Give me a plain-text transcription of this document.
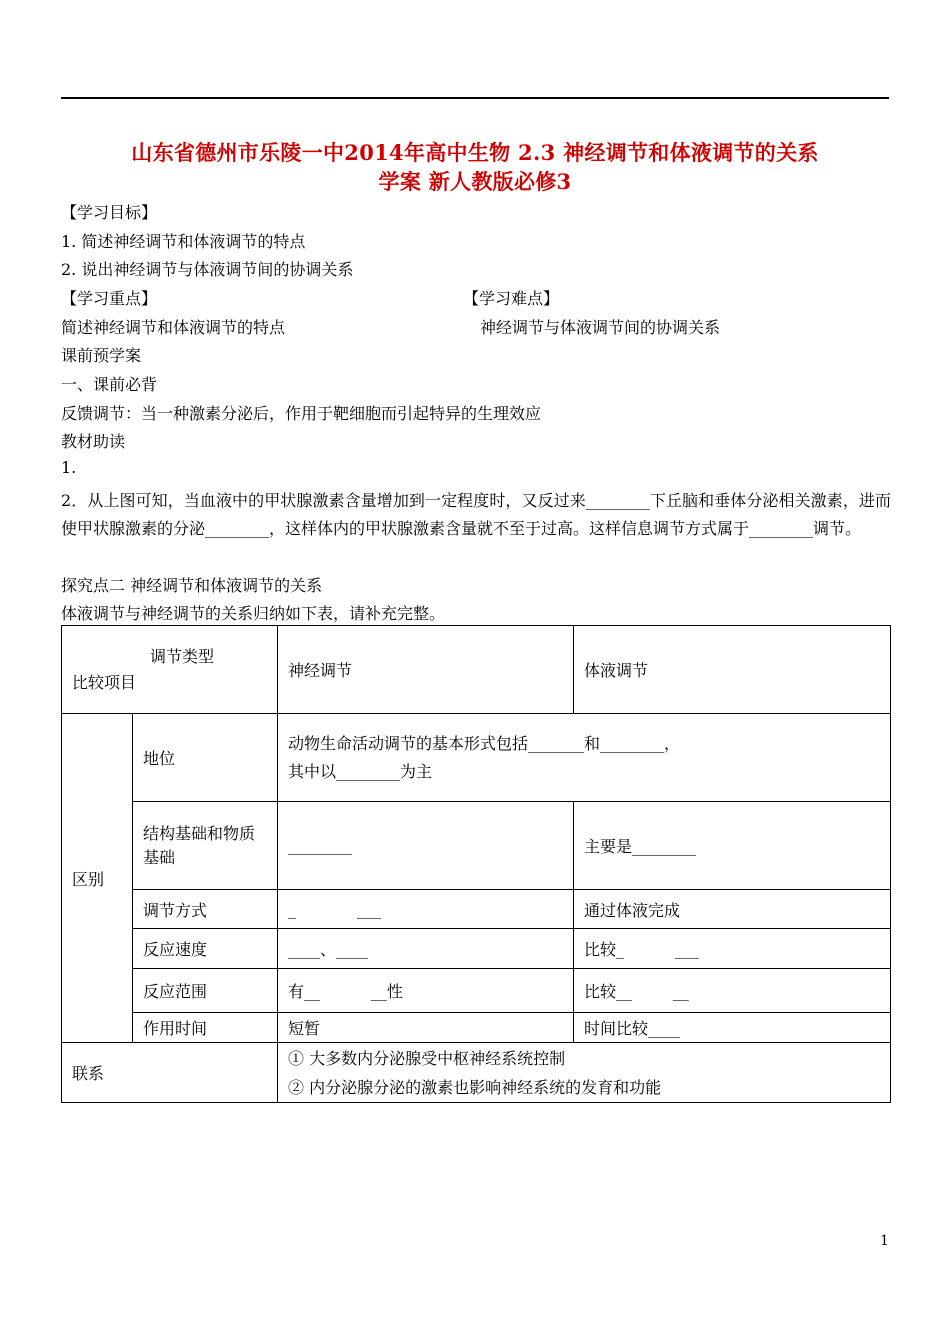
山东省德州市乐陵一中2014年高中生物 2.3 神经调节和体液调节的关系
学案 新人教版必修3
【学习目标】
1. 简述神经调节和体液调节的特点
2. 说出神经调节与体液调节间的协调关系
【学习重点】	【学习难点】
简述神经调节和体液调节的特点	神经调节与体液调节间的协调关系
课前预学案
一、课前必背
反馈调节：当一种激素分泌后，作用于靶细胞而引起特异的生理效应
教材助读
1.
2．从上图可知，当血液中的甲状腺激素含量增加到一定程度时，又反过来________下丘脑和垂体分泌相关激素，进而使甲状腺激素的分泌________，这样体内的甲状腺激素含量就不至于过高。这样信息调节方式属于________调节。
探究点二 神经调节和体液调节的关系
体液调节与神经调节的关系归纳如下表，请补充完整。
调节类型
比较项目		神经调节	体液调节
区别	地位	动物生命活动调节的基本形式包括_______和________，
其中以________为主	
	结构基础和物质基础	________	主要是________
	调节方式	_            ___	通过体液完成
	反应速度	____、____	比较_          ___
	反应范围	有__          __性	比较__        __
	作用时间	短暂	时间比较____
联系		① 大多数内分泌腺受中枢神经系统控制
② 内分泌腺分泌的激素也影响神经系统的发育和功能	
1
